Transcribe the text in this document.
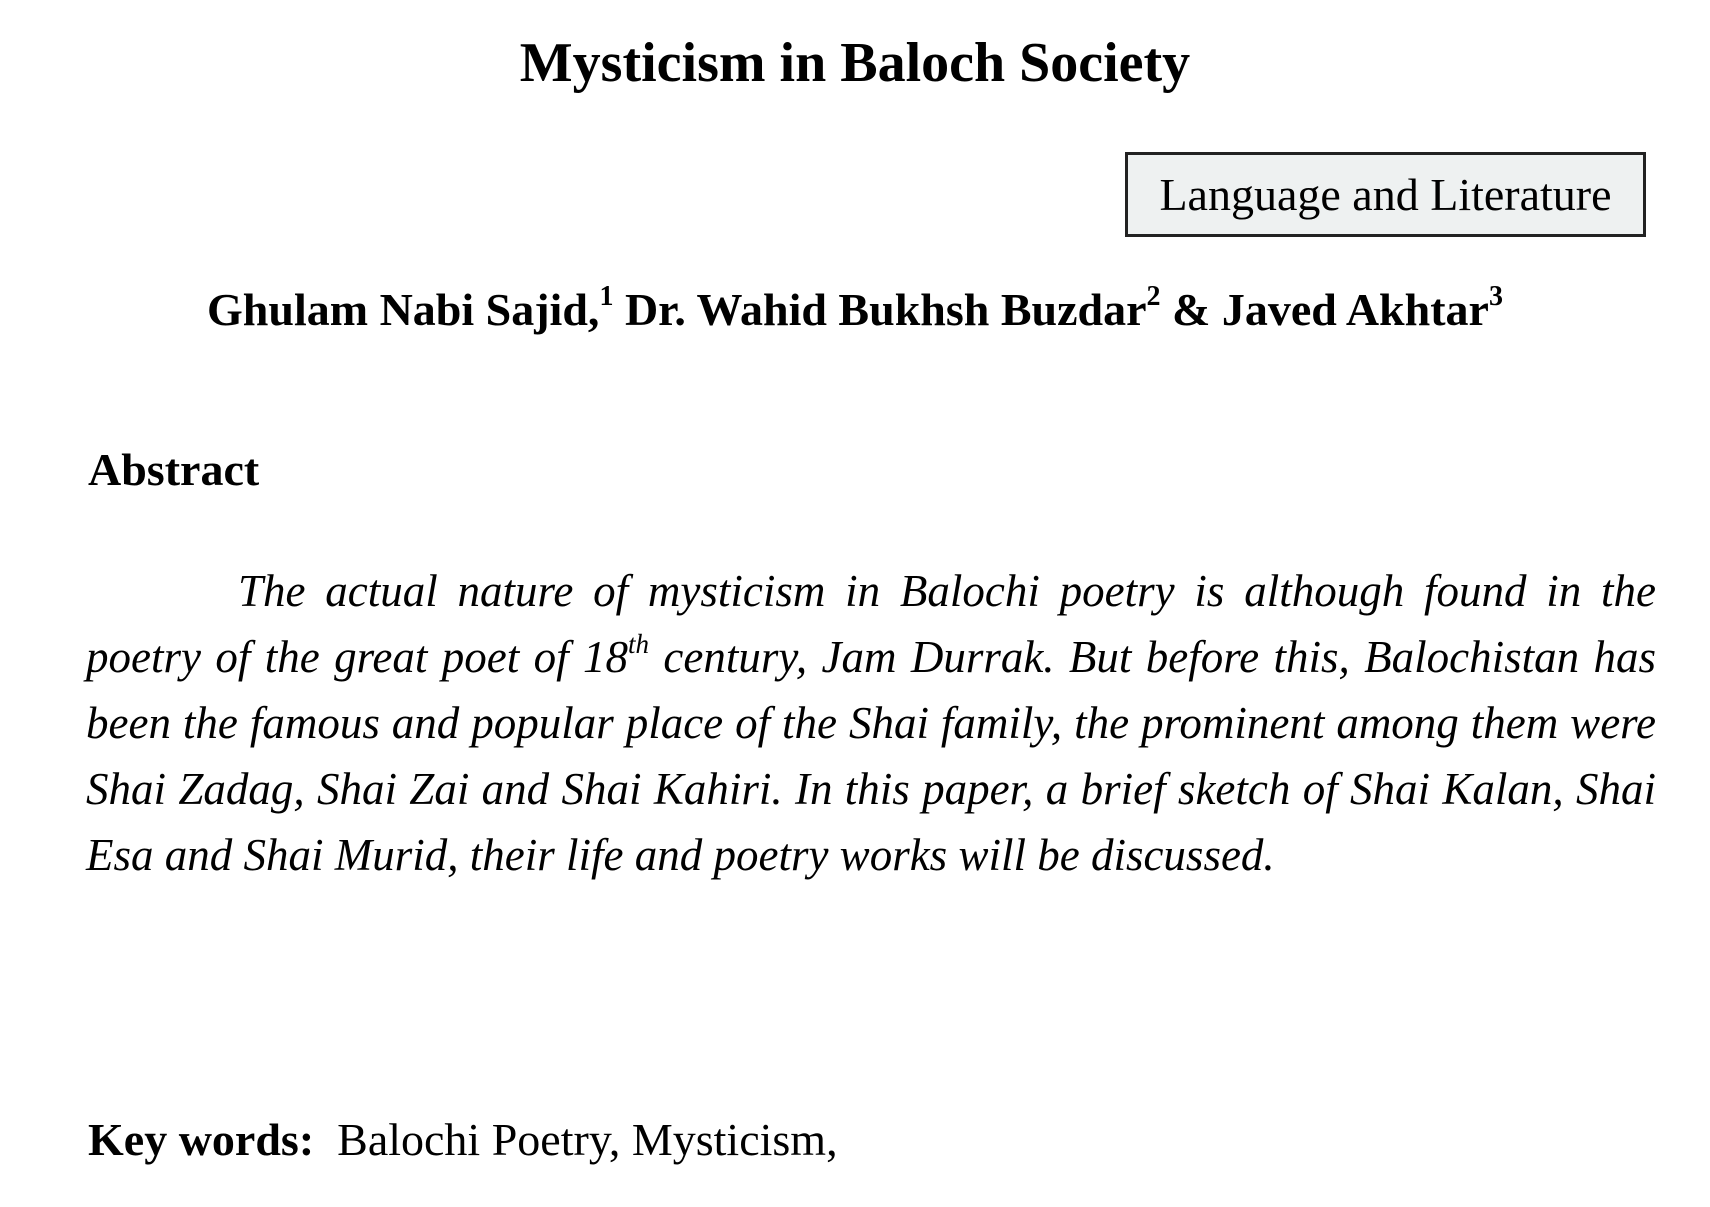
Mysticism in Baloch Society
Language and Literature

Ghulam Nabi Sajid,$^1$ Dr. Wahid Bukhsh Buzdar$^2$ & Javed Akhtar$^3$

Abstract

The actual nature of mysticism in Balochi poetry is although found in the poetry of the great poet of 18th century, Jam Durrak. But before this, Balochistan has been the famous and popular place of the Shai family, the prominent among them were Shai Zadag, Shai Zai and Shai Kahiri. In this paper, a brief sketch of Shai Kalan, Shai Esa and Shai Murid, their life and poetry works will be discussed.

Key words: Balochi Poetry, Mysticism,
